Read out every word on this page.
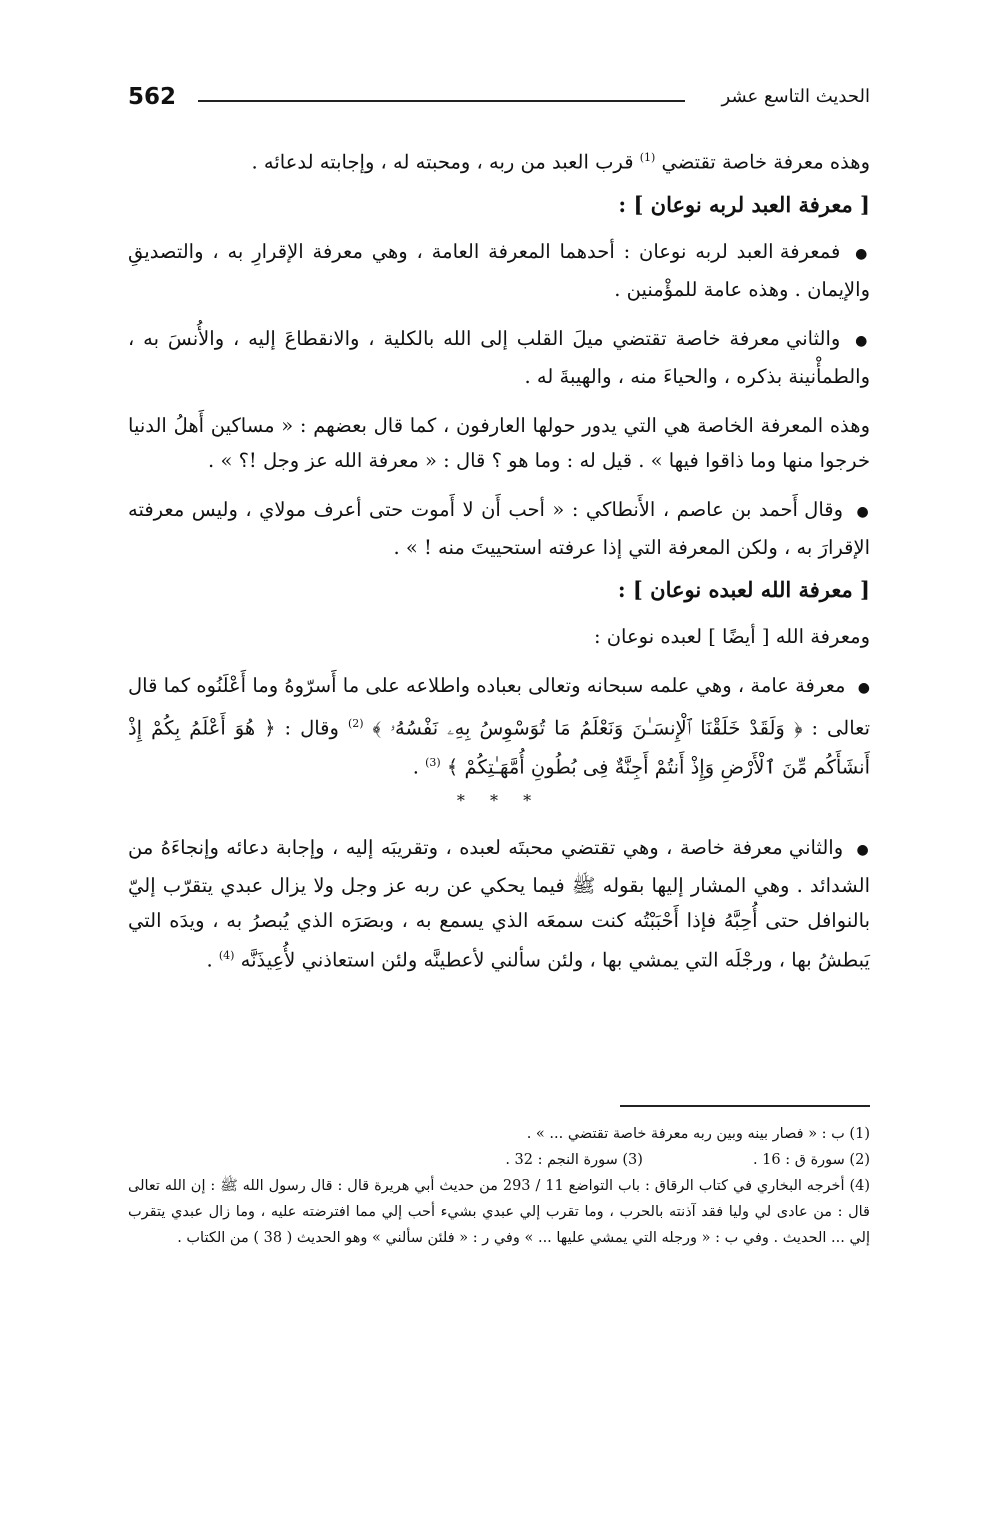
562	الحديث التاسع عشر

وهذه معرفة خاصة تقتضي $^{(1)}$ قرب العبد من ربه ، ومحبته له ، وإجابته لدعائه .

[ معرفة العبد لربه نوعان ] :

● فمعرفة العبد لربه نوعان : أحدهما المعرفة العامة ، وهي معرفة الإقرارِ به ، والتصديقِ والإيمان . وهذه عامة للمؤْمنين .

● والثاني معرفة خاصة تقتضي ميلَ القلب إلى الله بالكلية ، والانقطاعَ إليه ، والأُنسَ به ، والطمأْنينة بذكره ، والحياءَ منه ، والهيبةَ له .

وهذه المعرفة الخاصة هي التي يدور حولها العارفون ، كما قال بعضهم : « مساكين أَهلُ الدنيا خرجوا منها وما ذاقوا فيها » . قيل له : وما هو ؟ قال : « معرفة الله عز وجل !؟ » .

● وقال أَحمد بن عاصم ، الأَنطاكي : « أحب أَن لا أَموت حتى أعرف مولاي ، وليس معرفته الإقرارَ به ، ولكن المعرفة التي إذا عرفته استحييتَ منه ! » .

[ معرفة الله لعبده نوعان ] :

ومعرفة الله [ أيضًا ] لعبده نوعان :

● معرفة عامة ، وهي علمه سبحانه وتعالى بعباده واطلاعه على ما أَسرّوهُ وما أَعْلَنُوه كما قال تعالى : ﴿ وَلَقَدْ خَلَقْنَا ٱلْإِنسَـٰنَ وَنَعْلَمُ مَا تُوَسْوِسُ بِهِۦ نَفْسُهُۥ ﴾ $^{(2)}$ وقال : ﴿ هُوَ أَعْلَمُ بِكُمْ إِذْ أَنشَأَكُم مِّنَ ٱلْأَرْضِ وَإِذْ أَنتُمْ أَجِنَّةٌ فِى بُطُونِ أُمَّهَـٰتِكُمْ ﴾ $^{(3)}$ .

* * *

● والثاني معرفة خاصة ، وهي تقتضي محبتَه لعبده ، وتقريبَه إليه ، وإجابة دعائه وإنجاءَهُ من الشدائد . وهي المشار إليها بقوله ﷺ فيما يحكي عن ربه عز وجل ولا يزال عبدي يتقرّب إليّ بالنوافل حتى أُحِبَّهُ فإذا أَحْبَبْتُه كنت سمعَه الذي يسمع به ، وبصَرَه الذي يُبصرُ به ، ويدَه التي يَبطشُ بها ، ورجْلَه التي يمشي بها ، ولئن سألني لأعطينَّه ولئن استعاذني لأُعِيذَنَّه $^{(4)}$ .

(1) ب : « فصار بينه وبين ربه معرفة خاصة تقتضي ... » .

(2) سورة ق : 16 .

(3) سورة النجم : 32 .

(4) أخرجه البخاري في كتاب الرقاق : باب التواضع 11 / 293 من حديث أبي هريرة قال : قال رسول الله ﷺ : إن الله تعالى قال : من عادى لي وليا فقد آذنته بالحرب ، وما تقرب إلي عبدي بشيء أحب إلي مما افترضته عليه ، وما زال عبدي يتقرب إلي ... الحديث . وفي ب : « ورجله التي يمشي عليها ... » وفي ر : « فلئن سألني » وهو الحديث ( 38 ) من الكتاب .
